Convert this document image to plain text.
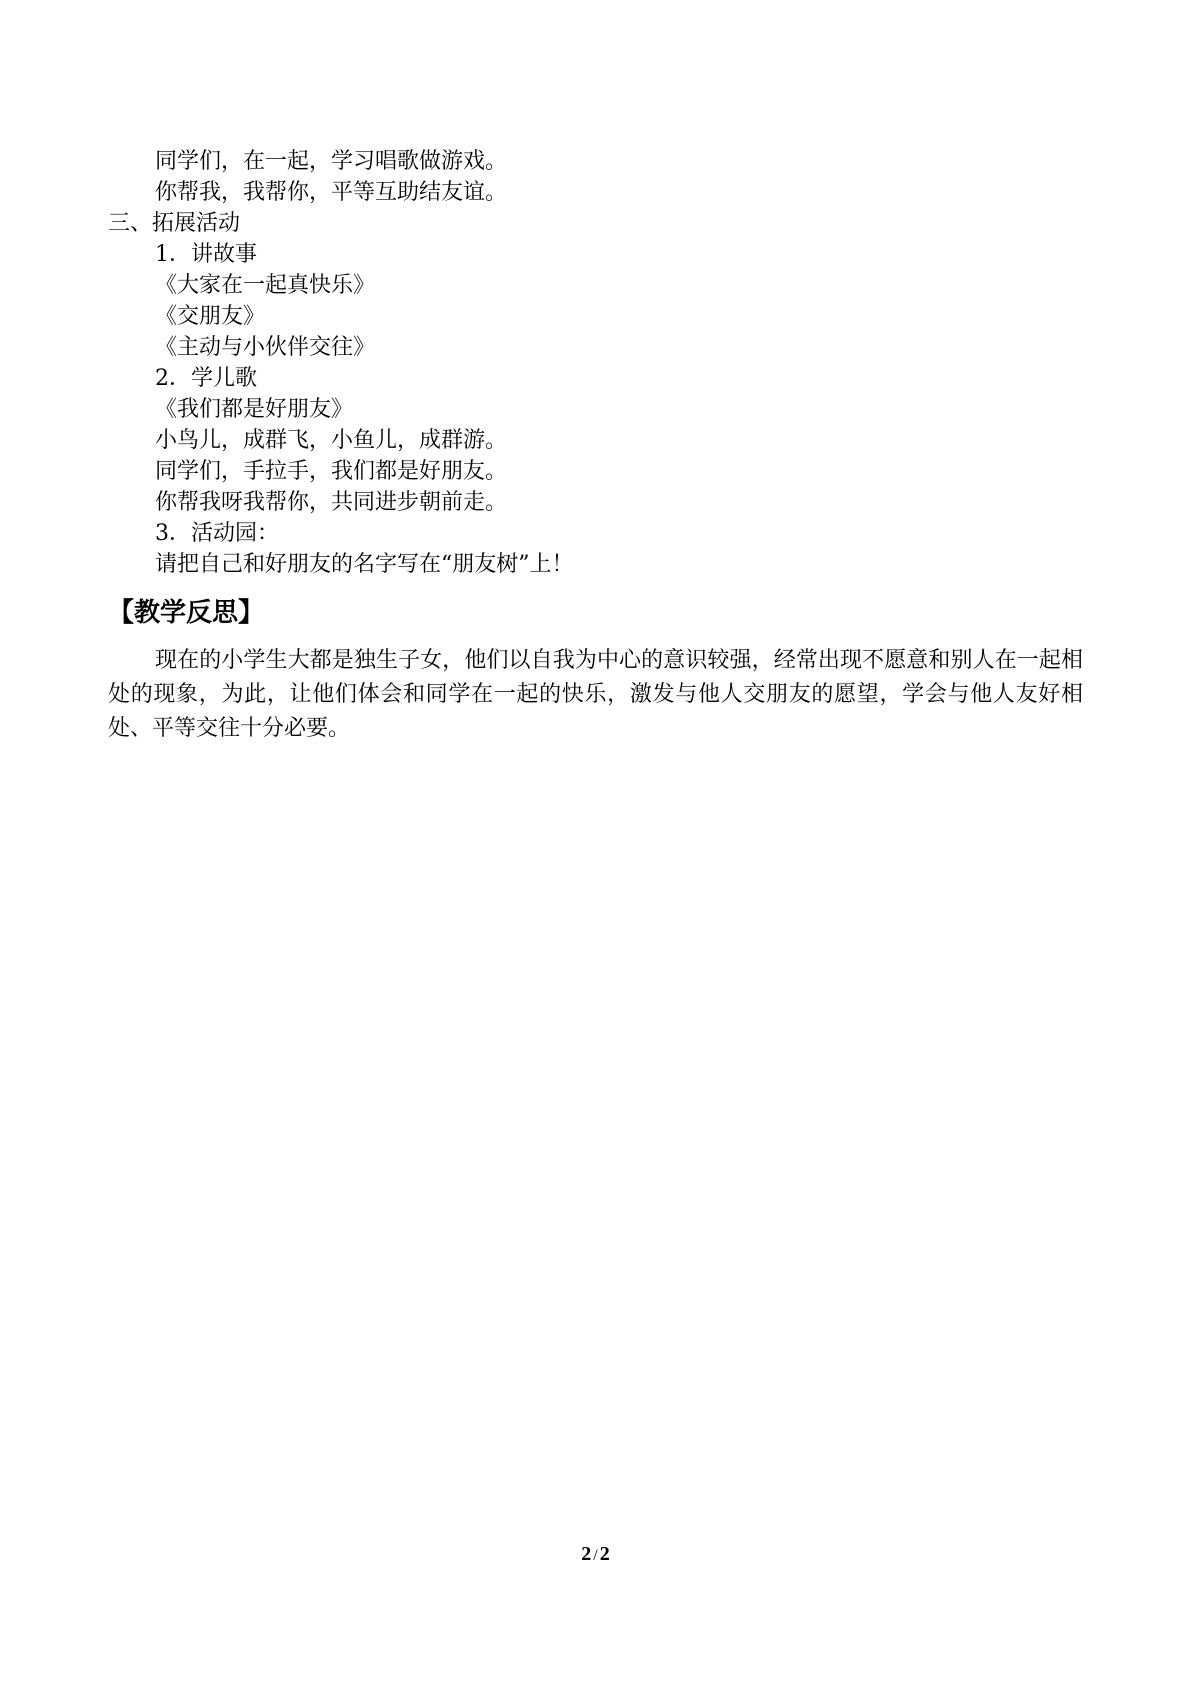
同学们，在一起，学习唱歌做游戏。
你帮我，我帮你，平等互助结友谊。
三、拓展活动
1．讲故事
《大家在一起真快乐》
《交朋友》
《主动与小伙伴交往》
2．学儿歌
《我们都是好朋友》
小鸟儿，成群飞，小鱼儿，成群游。
同学们，手拉手，我们都是好朋友。
你帮我呀我帮你，共同进步朝前走。
3．活动园：
请把自己和好朋友的名字写在“朋友树”上！
【教学反思】
现在的小学生大都是独生子女，他们以自我为中心的意识较强，经常出现不愿意和别人在一起相处的现象，为此，让他们体会和同学在一起的快乐，激发与他人交朋友的愿望，学会与他人友好相处、平等交往十分必要。
2 / 2
